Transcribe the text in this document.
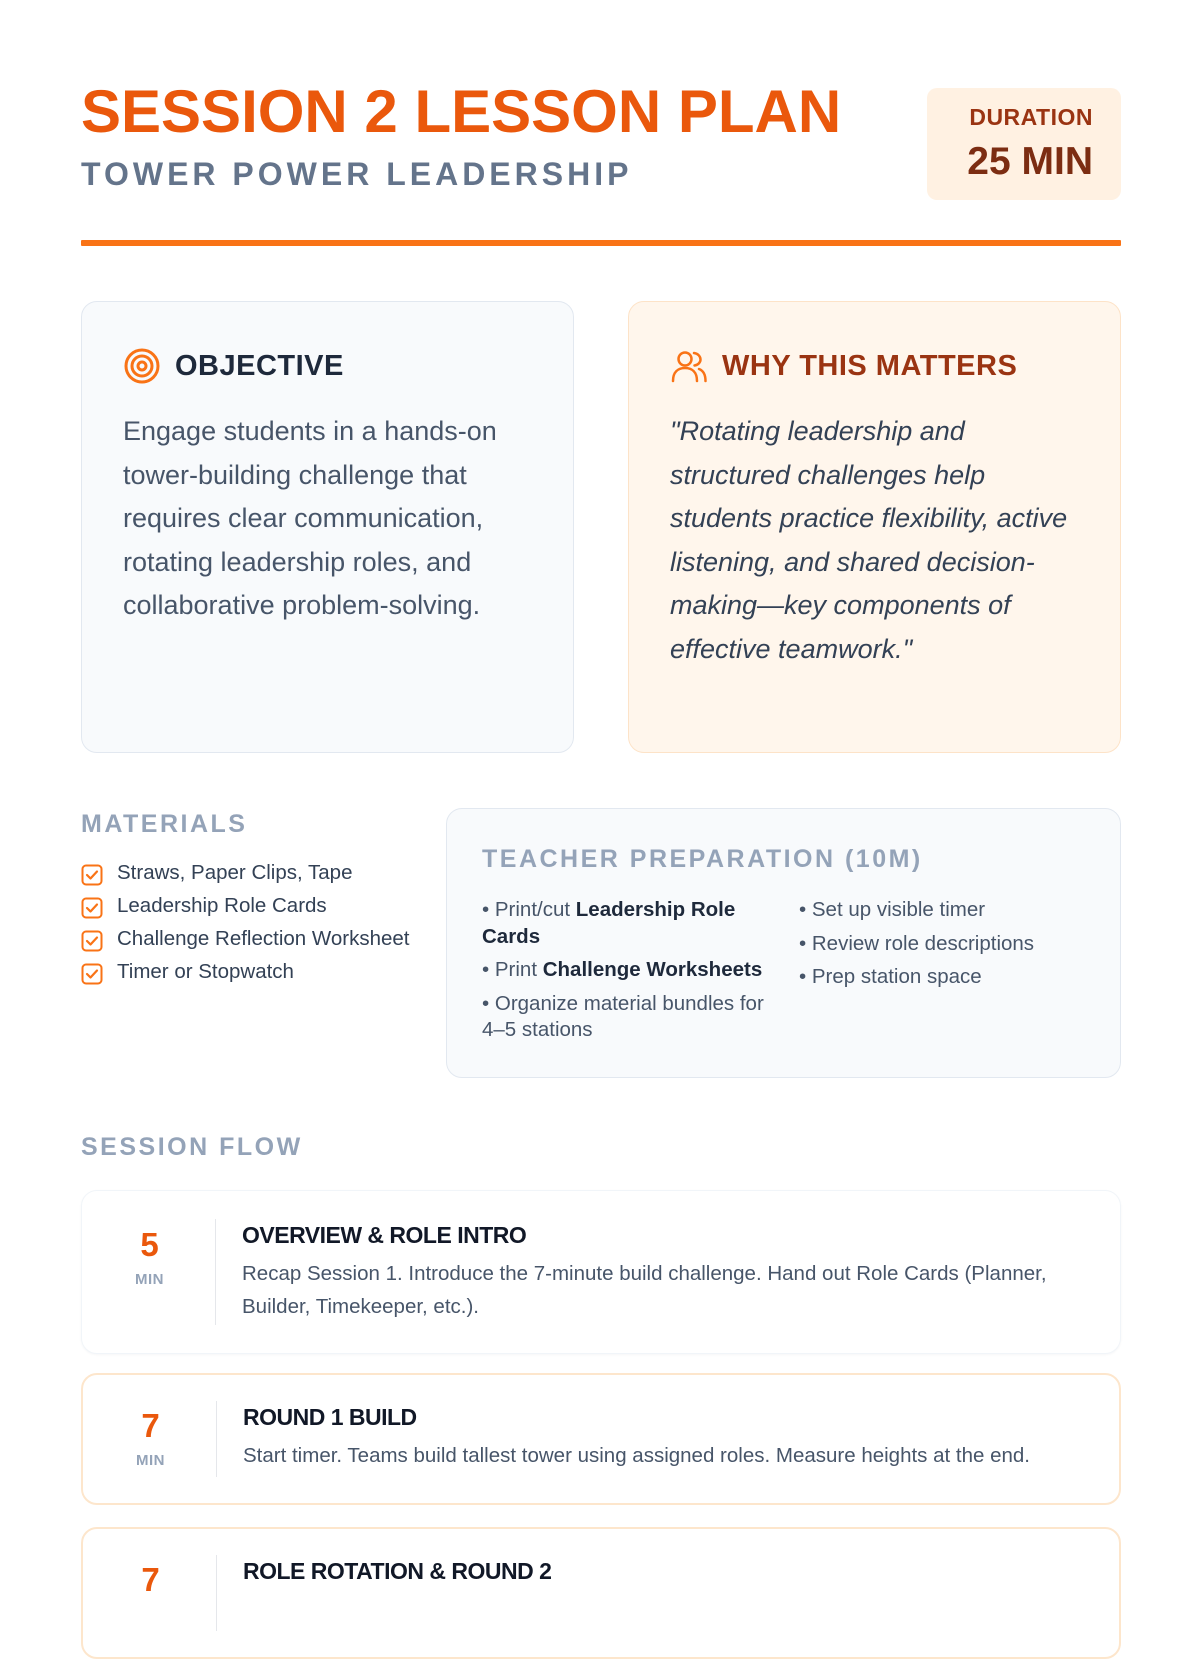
SESSION 2 LESSON PLAN
TOWER POWER LEADERSHIP
DURATION
25 MIN
OBJECTIVE

Engage students in a hands-on tower-building challenge that requires clear communication, rotating leadership roles, and collaborative problem-solving.

WHY THIS MATTERS

"Rotating leadership and structured challenges help students practice flexibility, active listening, and shared decision-making—key components of effective teamwork."

MATERIALS
Straws, Paper Clips, Tape
Leadership Role Cards
Challenge Reflection Worksheet
Timer or Stopwatch
TEACHER PREPARATION (10M)
• Print/cut Leadership Role Cards
• Print Challenge Worksheets
• Organize material bundles for 4–5 stations
• Set up visible timer
• Review role descriptions
• Prep station space
SESSION FLOW
5
MIN
OVERVIEW & ROLE INTRO

Recap Session 1. Introduce the 7-minute build challenge. Hand out Role Cards (Planner, Builder, Timekeeper, etc.).

7
MIN
ROUND 1 BUILD

Start timer. Teams build tallest tower using assigned roles. Measure heights at the end.

7	ROLE ROTATION & ROUND 2
